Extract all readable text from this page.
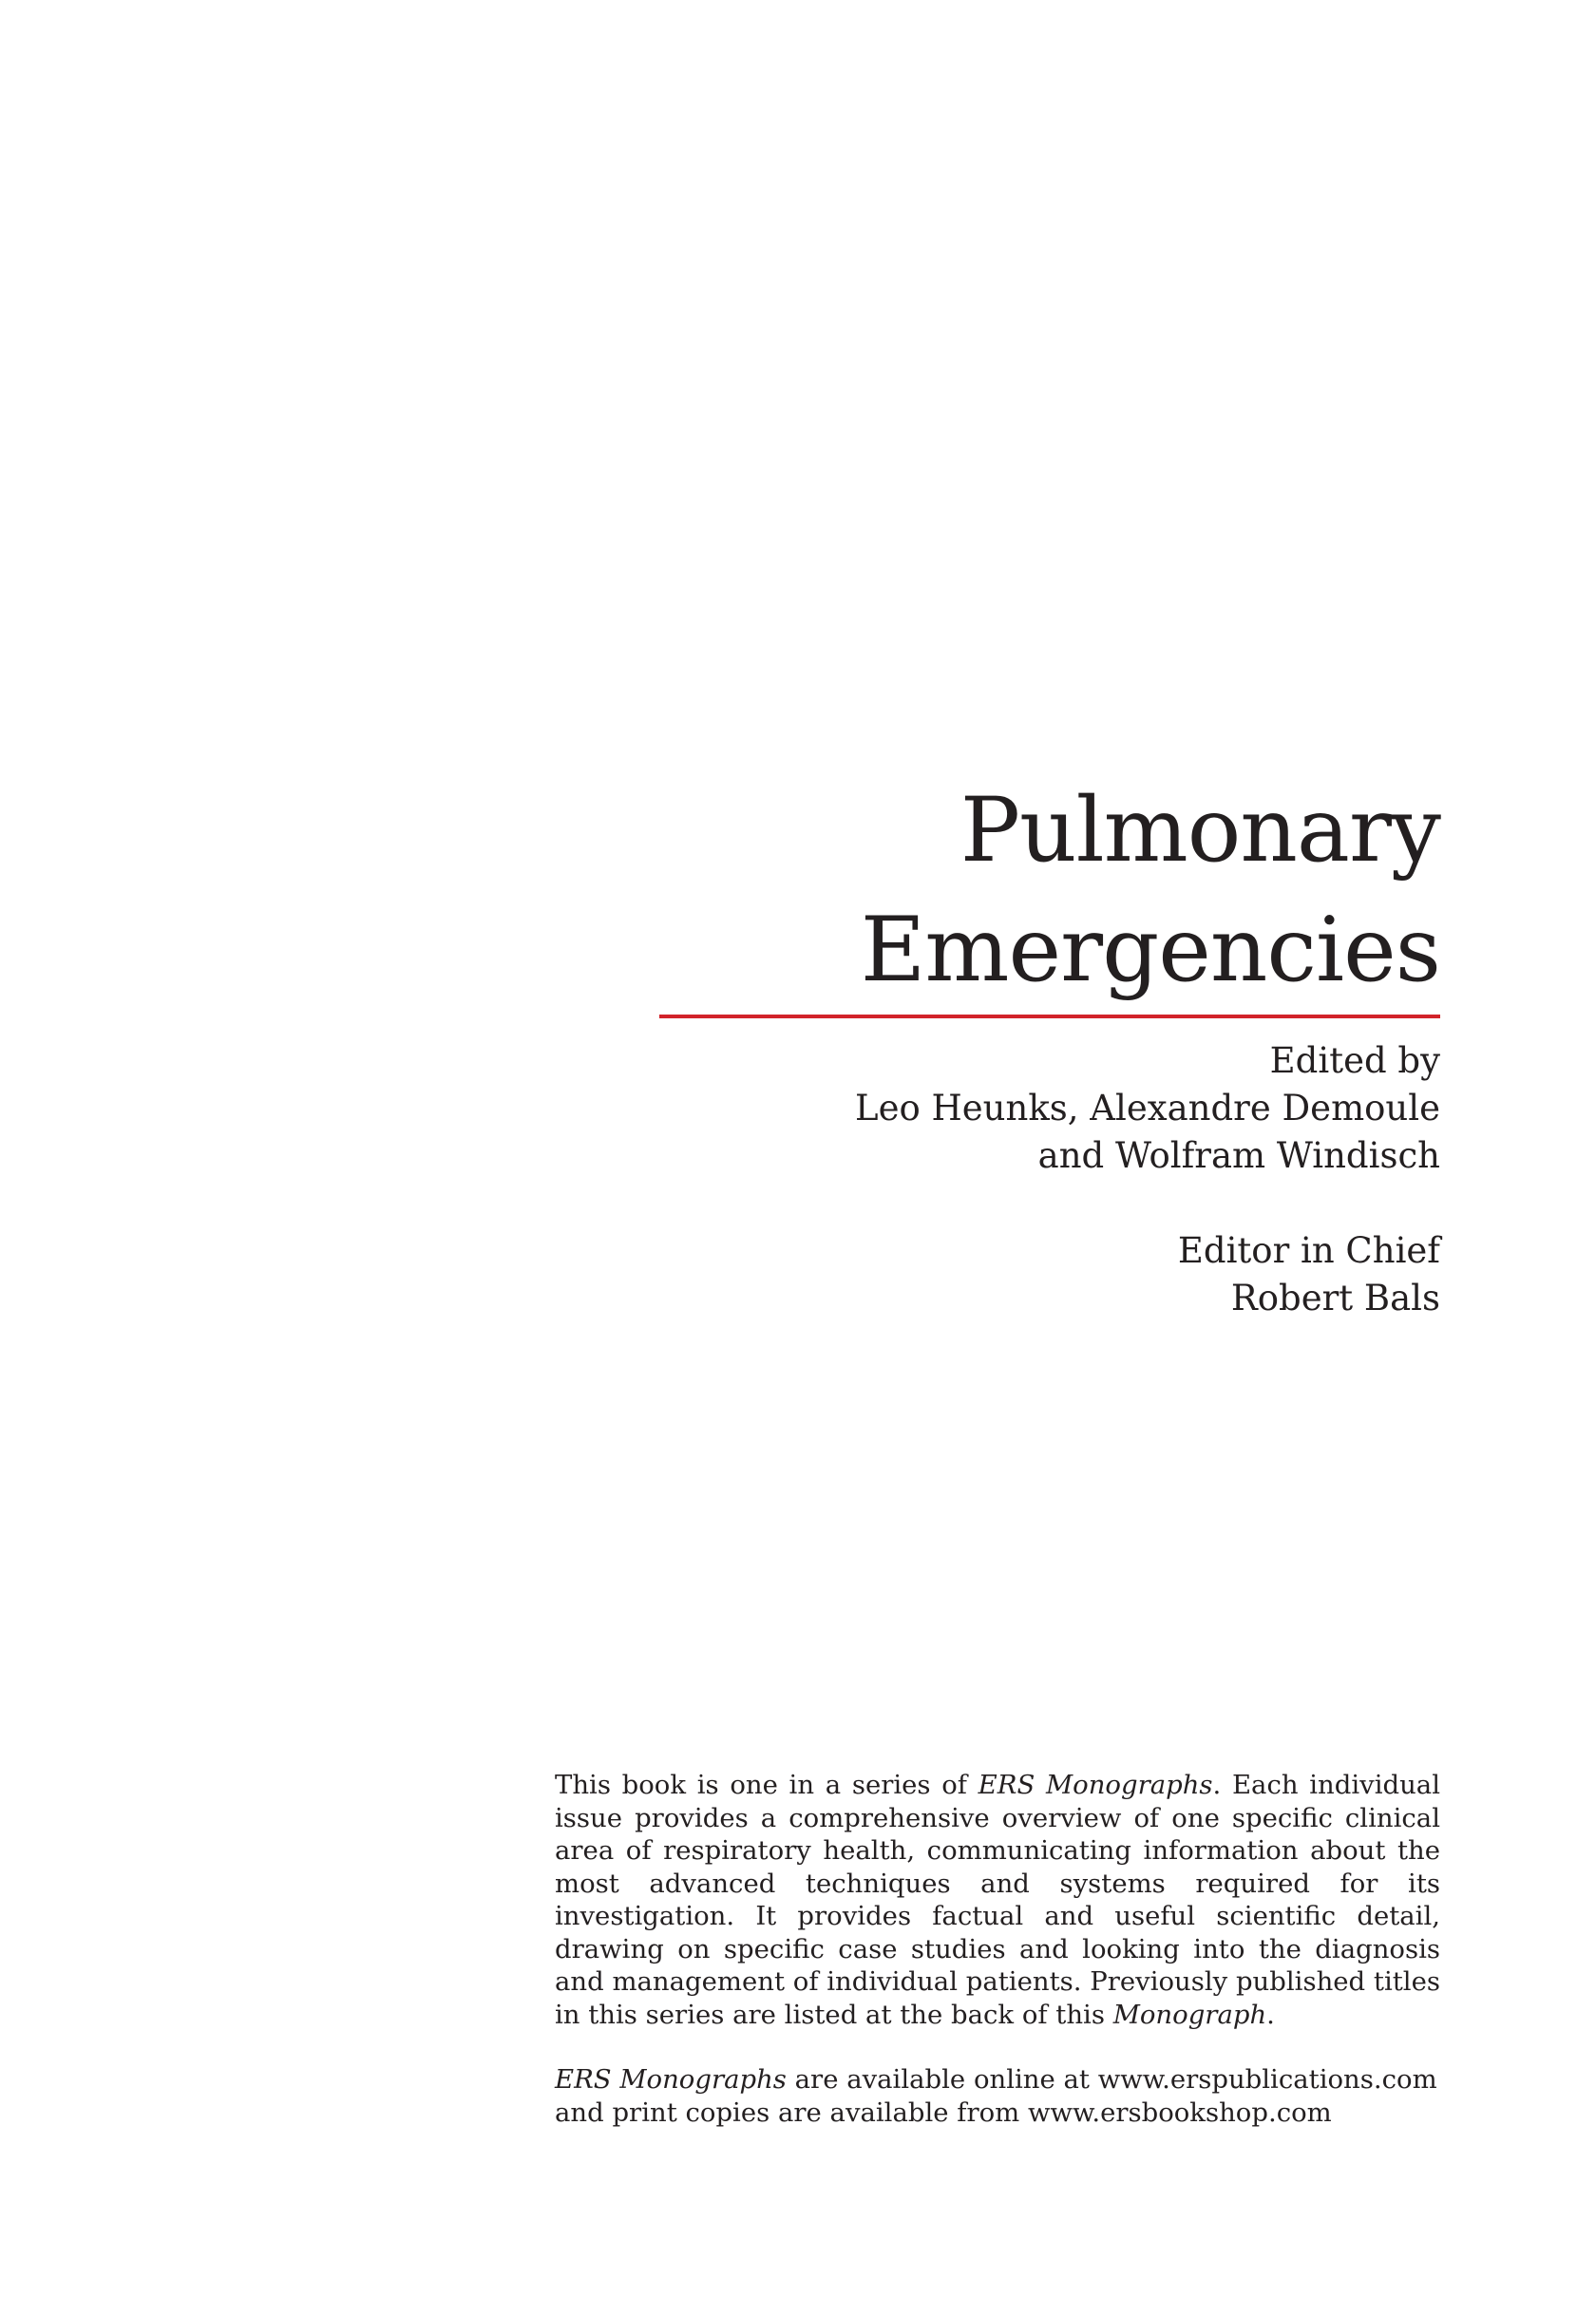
Pulmonary
Emergencies
Edited by
Leo Heunks, Alexandre Demoule
and Wolfram Windisch
Editor in Chief
Robert Bals

This book is one in a series of ERS Monographs. Each individual issue provides a comprehensive overview of one specific clinical area of respiratory health, communicating information about the most advanced techniques and systems required for its investigation. It provides factual and useful scientific detail, drawing on specific case studies and looking into the diagnosis and management of individual patients. Previously published titles in this series are listed at the back of this Monograph.

ERS Monographs are available online at www.erspublications.com and print copies are available from www.ersbookshop.com
